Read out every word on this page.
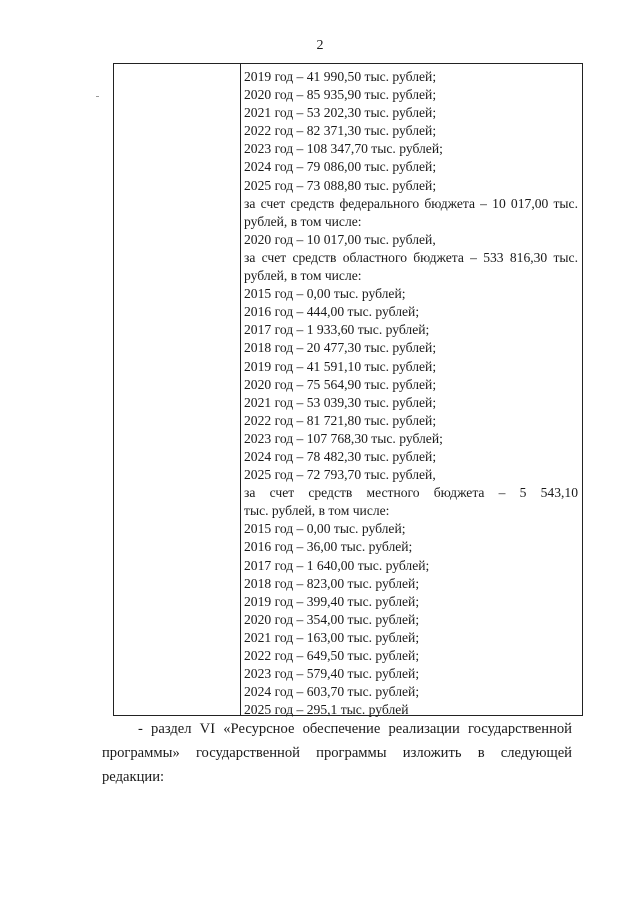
2
2019 год – 41 990,50 тыс. рублей;
2020 год – 85 935,90 тыс. рублей;
2021 год – 53 202,30 тыс. рублей;
2022 год – 82 371,30 тыс. рублей;
2023 год – 108 347,70 тыс. рублей;
2024 год – 79 086,00 тыс. рублей;
2025 год – 73 088,80 тыс. рублей;
за счет средств федерального бюджета – 10 017,00 тыс.
рублей, в том числе:
2020 год – 10 017,00 тыс. рублей,
за счет средств областного бюджета – 533 816,30 тыс.
рублей, в том числе:
2015 год – 0,00 тыс. рублей;
2016 год – 444,00 тыс. рублей;
2017 год – 1 933,60 тыс. рублей;
2018 год – 20 477,30 тыс. рублей;
2019 год – 41 591,10 тыс. рублей;
2020 год – 75 564,90 тыс. рублей;
2021 год – 53 039,30 тыс. рублей;
2022 год – 81 721,80 тыс. рублей;
2023 год – 107 768,30 тыс. рублей;
2024 год – 78 482,30 тыс. рублей;
2025 год – 72 793,70 тыс. рублей,
за счет средств местного бюджета – 5 543,10
тыс. рублей, в том числе:
2015 год – 0,00 тыс. рублей;
2016 год – 36,00 тыс. рублей;
2017 год – 1 640,00 тыс. рублей;
2018 год – 823,00 тыс. рублей;
2019 год – 399,40 тыс. рублей;
2020 год – 354,00 тыс. рублей;
2021 год – 163,00 тыс. рублей;
2022 год – 649,50 тыс. рублей;
2023 год – 579,40 тыс. рублей;
2024 год – 603,70 тыс. рублей;
2025 год – 295,1 тыс. рублей
- раздел VI «Ресурсное обеспечение реализации государственной
программы» государственной программы изложить в следующей
редакции:
